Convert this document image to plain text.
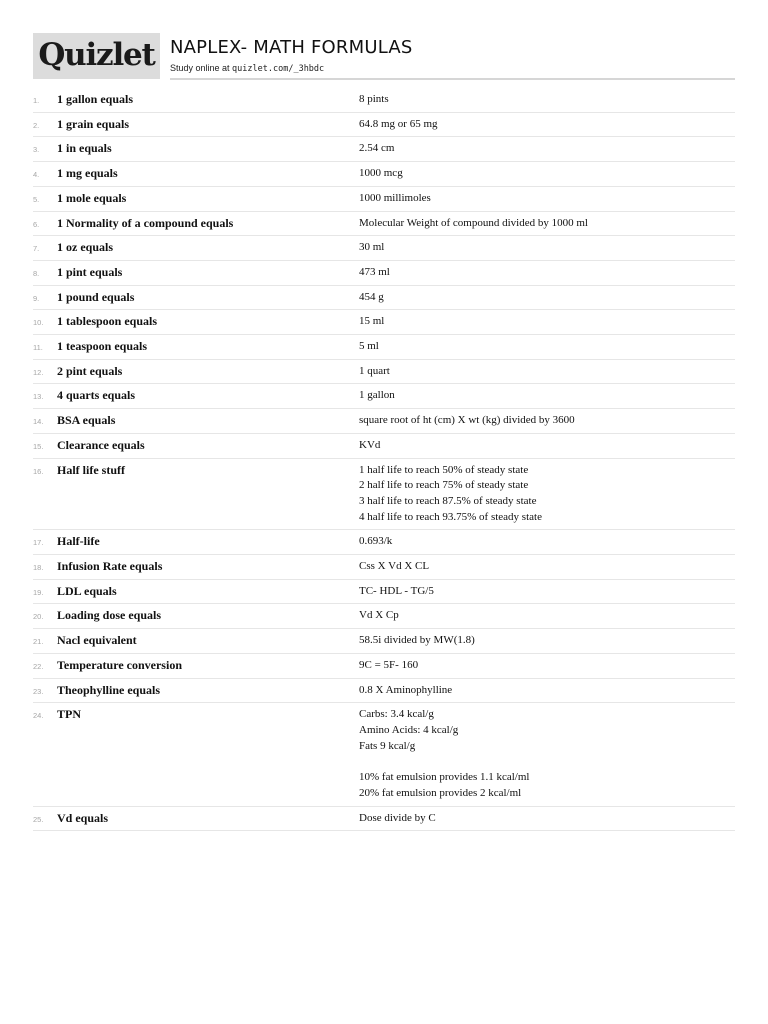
Quizlet NAPLEX- MATH FORMULAS
Study online at quizlet.com/_3hbdc
1.	1 gallon equals	8 pints
2.	1 grain equals	64.8 mg or 65 mg
3.	1 in equals	2.54 cm
4.	1 mg equals	1000 mcg
5.	1 mole equals	1000 millimoles
6.	1 Normality of a compound equals	Molecular Weight of compound divided by 1000 ml
7.	1 oz equals	30 ml
8.	1 pint equals	473 ml
9.	1 pound equals	454 g
10.	1 tablespoon equals	15 ml
11.	1 teaspoon equals	5 ml
12.	2 pint equals	1 quart
13.	4 quarts equals	1 gallon
14.	BSA equals	square root of ht (cm) X wt (kg) divided by 3600
15.	Clearance equals	KVd
16.	Half life stuff	1 half life to reach 50% of steady state
2 half life to reach 75% of steady state
3 half life to reach 87.5% of steady state
4 half life to reach 93.75% of steady state
17.	Half-life	0.693/k
18.	Infusion Rate equals	Css X Vd X CL
19.	LDL equals	TC- HDL - TG/5
20.	Loading dose equals	Vd X Cp
21.	Nacl equivalent	58.5i divided by MW(1.8)
22.	Temperature conversion	9C = 5F- 160
23.	Theophylline equals	0.8 X Aminophylline
24.	TPN	Carbs: 3.4 kcal/g
Amino Acids: 4 kcal/g
Fats 9 kcal/g

10% fat emulsion provides 1.1 kcal/ml
20% fat emulsion provides 2 kcal/ml
25.	Vd equals	Dose divide by C
